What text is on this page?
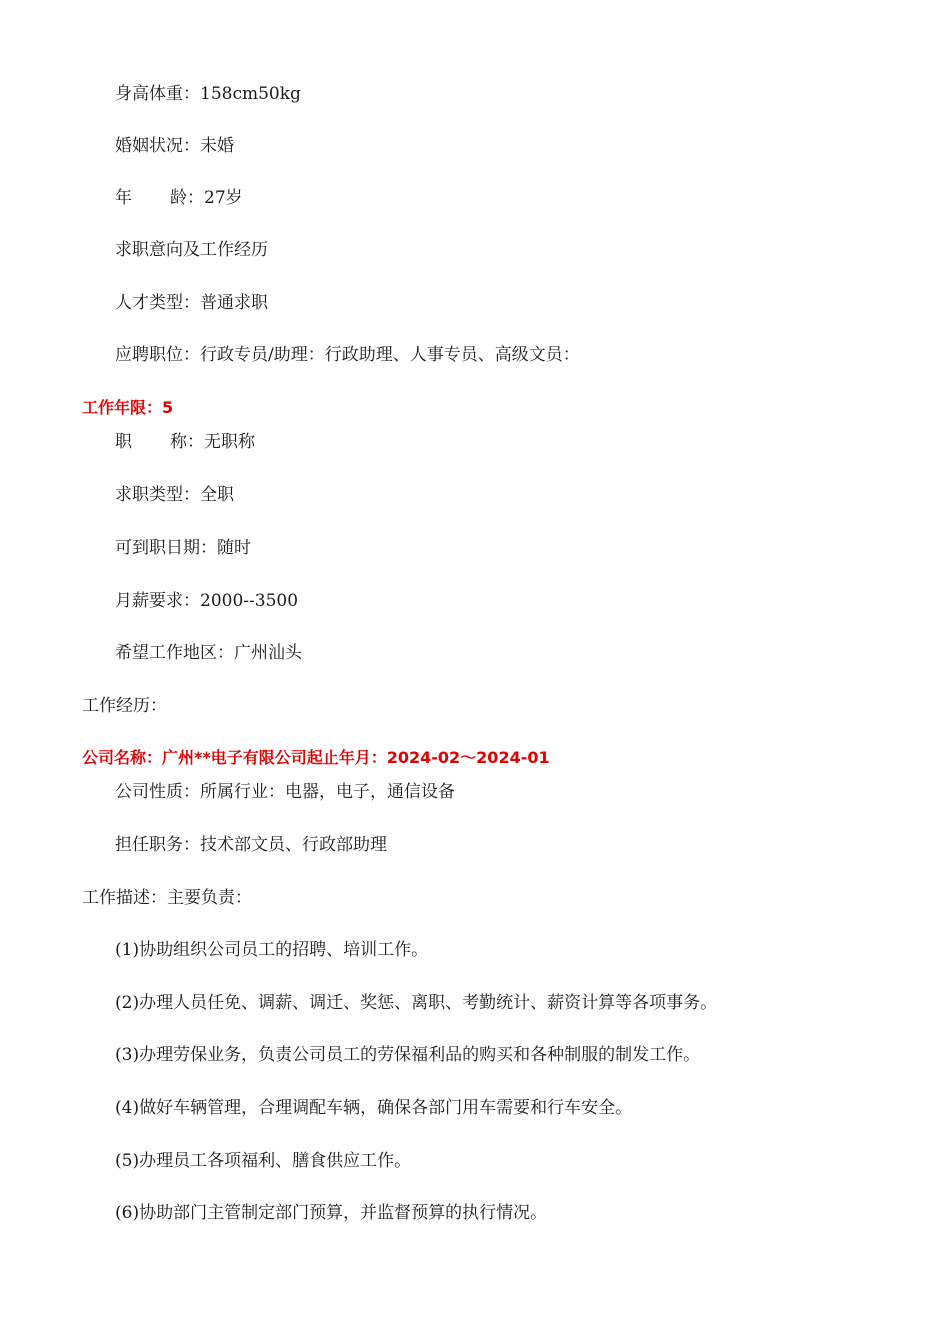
身高体重：158cm50kg
婚姻状况：未婚
年 龄：27岁
求职意向及工作经历
人才类型：普通求职
应聘职位：行政专员/助理：行政助理、人事专员、高级文员：
工作年限：5
职 称：无职称
求职类型：全职
可到职日期：随时
月薪要求：2000--3500
希望工作地区：广州汕头
工作经历：
公司名称：广州**电子有限公司起止年月：2024-02～2024-01
公司性质：所属行业：电器，电子，通信设备
担任职务：技术部文员、行政部助理
工作描述：主要负责：
(1)协助组织公司员工的招聘、培训工作。
(2)办理人员任免、调薪、调迁、奖惩、离职、考勤统计、薪资计算等各项事务。
(3)办理劳保业务，负责公司员工的劳保福利品的购买和各种制服的制发工作。
(4)做好车辆管理，合理调配车辆，确保各部门用车需要和行车安全。
(5)办理员工各项福利、膳食供应工作。
(6)协助部门主管制定部门预算，并监督预算的执行情况。
